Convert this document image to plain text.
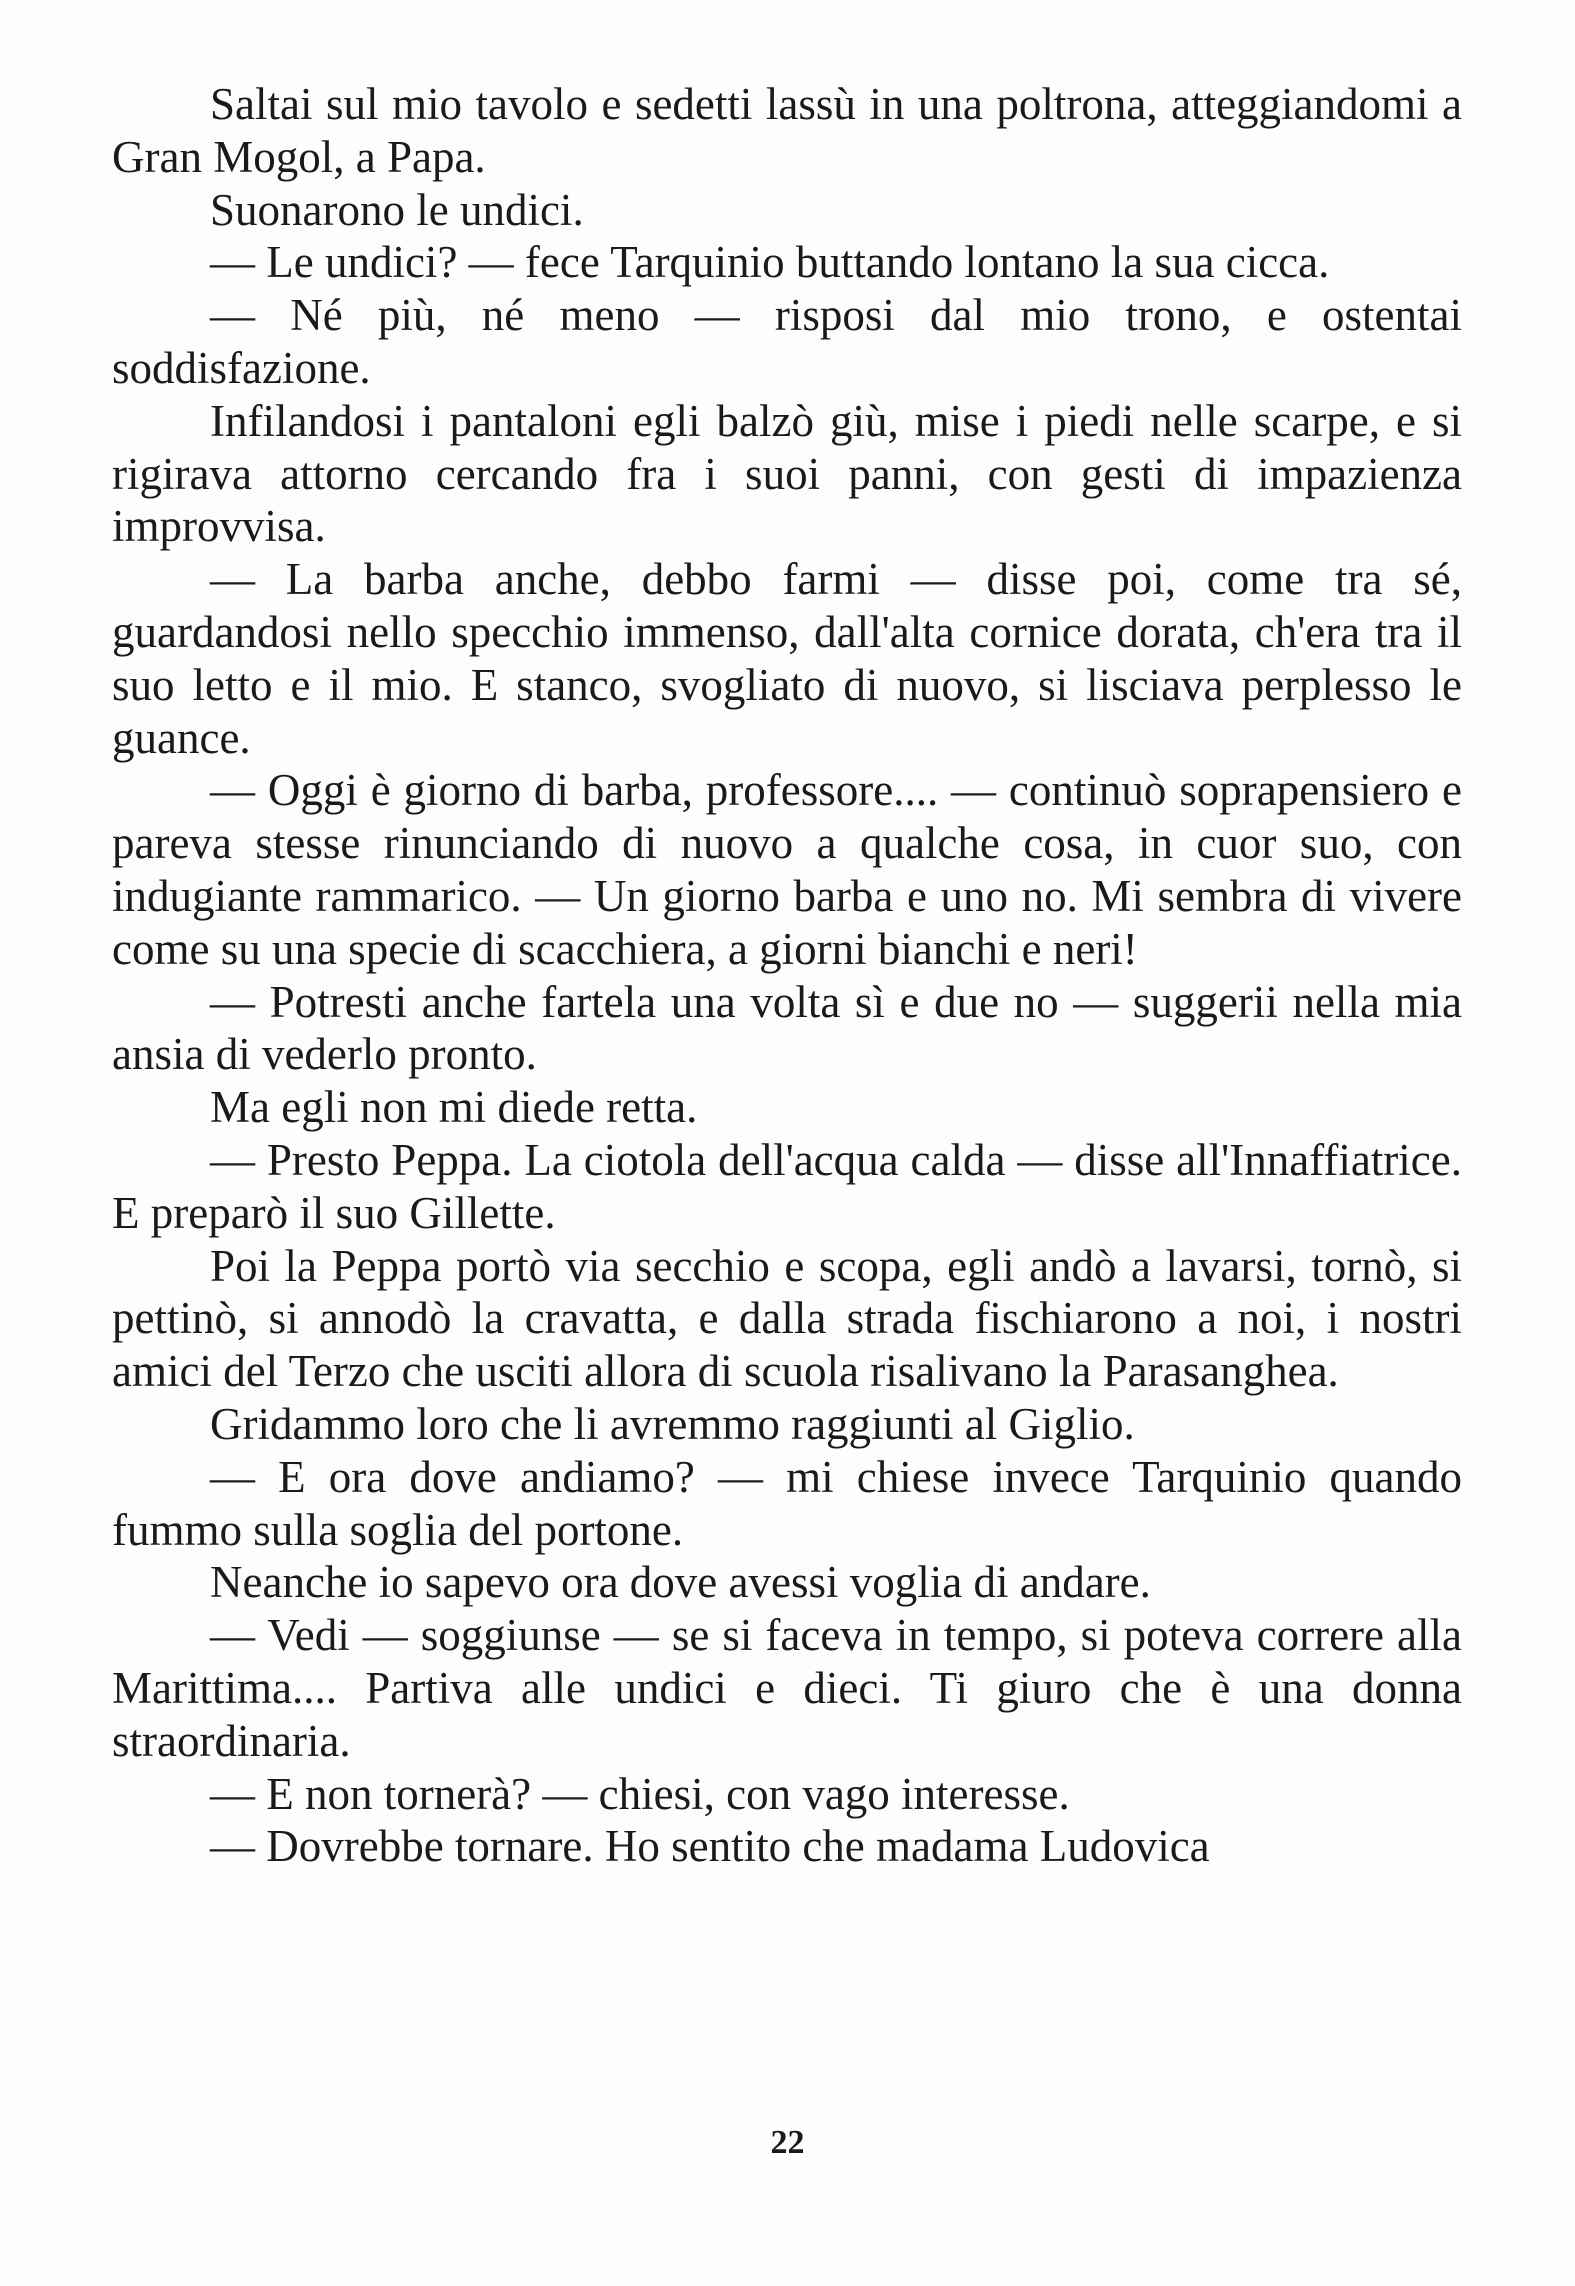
Saltai sul mio tavolo e sedetti lassù in una poltrona, atteggiandomi a Gran Mogol, a Papa.

Suonarono le undici.

— Le undici? — fece Tarquinio buttando lontano la sua cicca.

— Né più, né meno — risposi dal mio trono, e ostentai soddisfazione.

Infilandosi i pantaloni egli balzò giù, mise i piedi nelle scarpe, e si rigirava attorno cercando fra i suoi panni, con gesti di impazienza improvvisa.

— La barba anche, debbo farmi — disse poi, come tra sé, guardandosi nello specchio immenso, dall'alta cornice dorata, ch'era tra il suo letto e il mio. E stanco, svogliato di nuovo, si lisciava perplesso le guance.

— Oggi è giorno di barba, professore.... — continuò soprapensiero e pareva stesse rinunciando di nuovo a qualche cosa, in cuor suo, con indugiante rammarico. — Un giorno barba e uno no. Mi sembra di vivere come su una specie di scacchiera, a giorni bianchi e neri!

— Potresti anche fartela una volta sì e due no — suggerii nella mia ansia di vederlo pronto.

Ma egli non mi diede retta.

— Presto Peppa. La ciotola dell'acqua calda — disse all'Innaffiatrice. E preparò il suo Gillette.

Poi la Peppa portò via secchio e scopa, egli andò a lavarsi, tornò, si pettinò, si annodò la cravatta, e dalla strada fischiarono a noi, i nostri amici del Terzo che usciti allora di scuola risalivano la Parasanghea.

Gridammo loro che li avremmo raggiunti al Giglio.

— E ora dove andiamo? — mi chiese invece Tarquinio quando fummo sulla soglia del portone.

Neanche io sapevo ora dove avessi voglia di andare.

— Vedi — soggiunse — se si faceva in tempo, si poteva correre alla Marittima.... Partiva alle undici e dieci. Ti giuro che è una donna straordinaria.

— E non tornerà? — chiesi, con vago interesse.

— Dovrebbe tornare. Ho sentito che madama Ludovica

22
